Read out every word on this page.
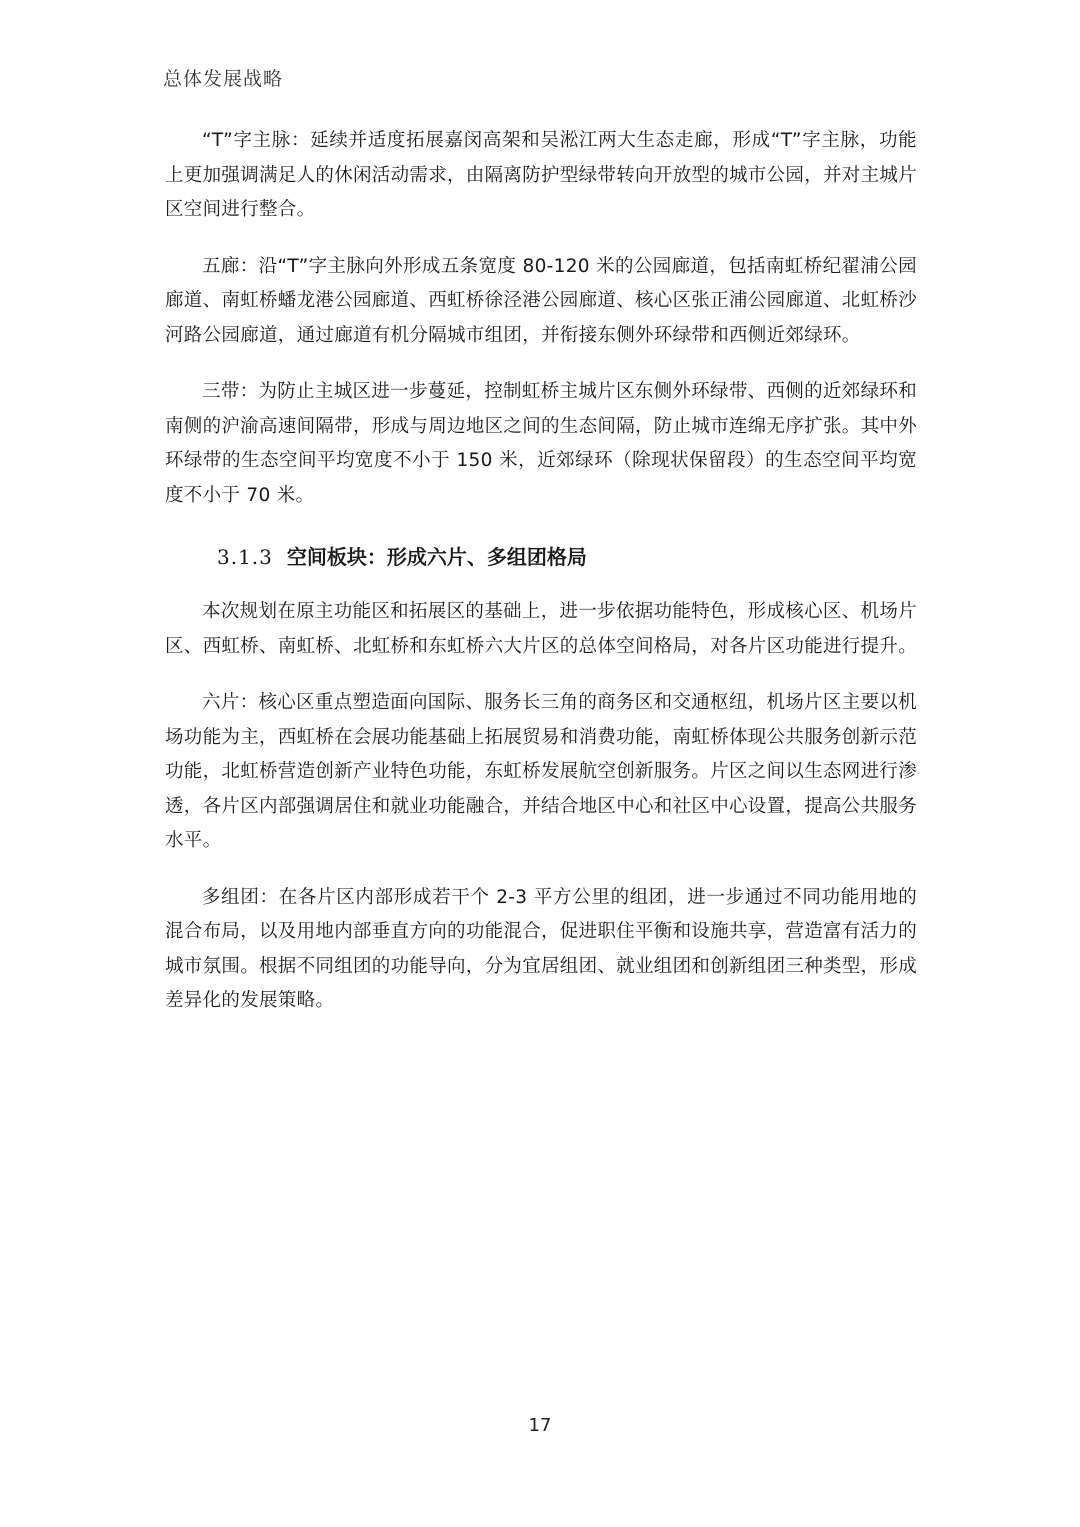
总体发展战略

“T”字主脉：延续并适度拓展嘉闵高架和吴淞江两大生态走廊，形成“T”字主脉，功能上更加强调满足人的休闲活动需求，由隔离防护型绿带转向开放型的城市公园，并对主城片区空间进行整合。

五廊：沿“T”字主脉向外形成五条宽度 80-120 米的公园廊道，包括南虹桥纪翟浦公园廊道、南虹桥蟠龙港公园廊道、西虹桥徐泾港公园廊道、核心区张正浦公园廊道、北虹桥沙河路公园廊道，通过廊道有机分隔城市组团，并衔接东侧外环绿带和西侧近郊绿环。

三带：为防止主城区进一步蔓延，控制虹桥主城片区东侧外环绿带、西侧的近郊绿环和南侧的沪渝高速间隔带，形成与周边地区之间的生态间隔，防止城市连绵无序扩张。其中外环绿带的生态空间平均宽度不小于 150 米，近郊绿环（除现状保留段）的生态空间平均宽度不小于 70 米。

3.1.3 空间板块：形成六片、多组团格局

本次规划在原主功能区和拓展区的基础上，进一步依据功能特色，形成核心区、机场片区、西虹桥、南虹桥、北虹桥和东虹桥六大片区的总体空间格局，对各片区功能进行提升。

六片：核心区重点塑造面向国际、服务长三角的商务区和交通枢纽，机场片区主要以机场功能为主，西虹桥在会展功能基础上拓展贸易和消费功能，南虹桥体现公共服务创新示范功能，北虹桥营造创新产业特色功能，东虹桥发展航空创新服务。片区之间以生态网进行渗透，各片区内部强调居住和就业功能融合，并结合地区中心和社区中心设置，提高公共服务水平。

多组团：在各片区内部形成若干个 2-3 平方公里的组团，进一步通过不同功能用地的混合布局，以及用地内部垂直方向的功能混合，促进职住平衡和设施共享，营造富有活力的城市氛围。根据不同组团的功能导向，分为宜居组团、就业组团和创新组团三种类型，形成差异化的发展策略。

17
